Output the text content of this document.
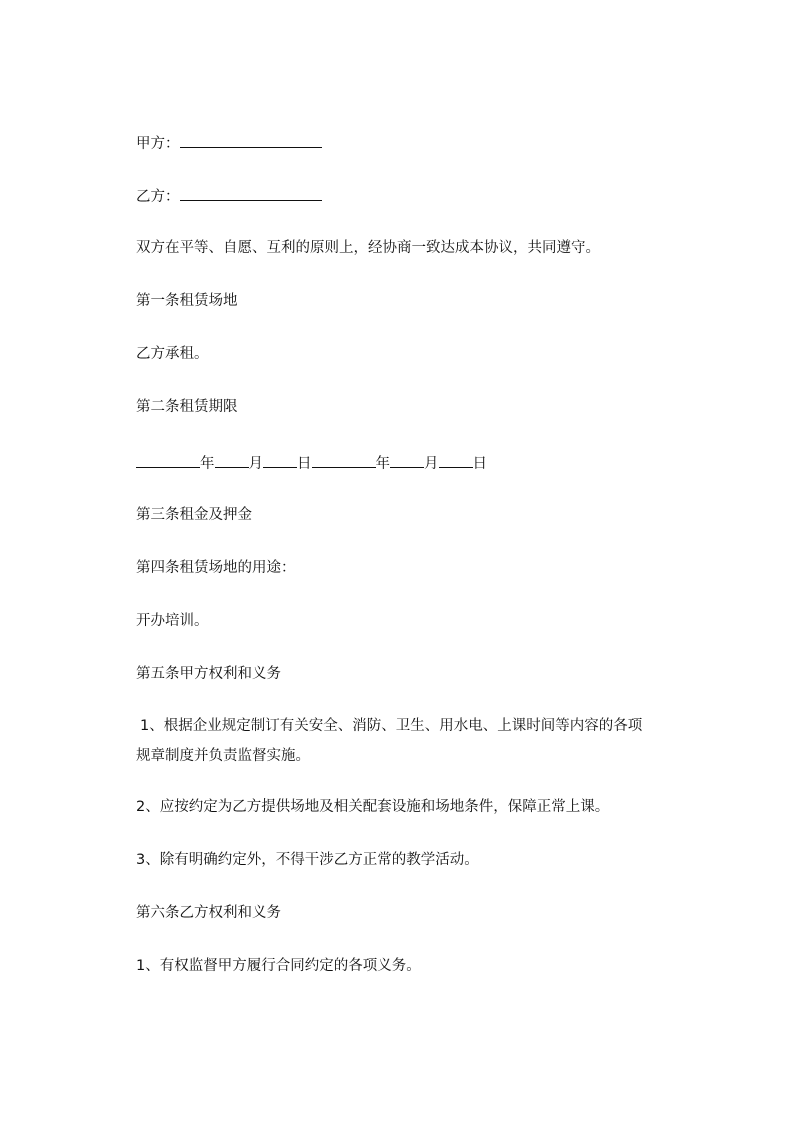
甲方：
乙方：
双方在平等、自愿、互利的原则上，经协商一致达成本协议，共同遵守。
第一条租赁场地
乙方承租。
第二条租赁期限
年 月 日	年 月 日
第三条租金及押金
第四条租赁场地的用途：
开办培训。
第五条甲方权利和义务
1、根据企业规定制订有关安全、消防、卫生、用水电、上课时间等内容的各项规章制度并负责监督实施。
2、应按约定为乙方提供场地及相关配套设施和场地条件，保障正常上课。
3、除有明确约定外，不得干涉乙方正常的教学活动。
第六条乙方权利和义务
1、有权监督甲方履行合同约定的各项义务。
